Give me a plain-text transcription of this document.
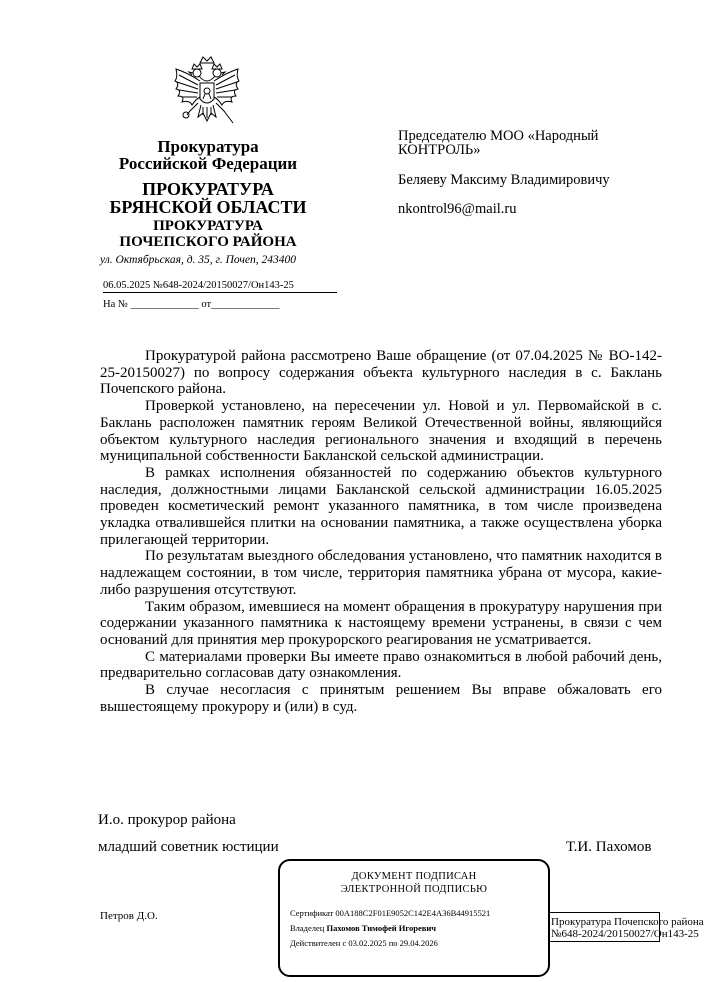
Прокуратура
Российской Федерации
ПРОКУРАТУРА
БРЯНСКОЙ ОБЛАСТИ
ПРОКУРАТУРА
ПОЧЕПСКОГО РАЙОНА
ул. Октябрьская, д. 35, г. Почеп, 243400
06.05.2025 №648-2024/20150027/Он143-25
На № _____________ от_____________
Председателю МОО «Народный КОНТРОЛЬ»
Беляеву Максиму Владимировичу
nkontrol96@mail.ru

Прокуратурой района рассмотрено Ваше обращение (от 07.04.2025 № ВО-142-25-20150027) по вопросу содержания объекта культурного наследия в с. Баклань Почепского района.

Проверкой установлено, на пересечении ул. Новой и ул. Первомайской в с. Баклань расположен памятник героям Великой Отечественной войны, являющийся объектом культурного наследия регионального значения и входящий в перечень муниципальной собственности Бакланской сельской администрации.

В рамках исполнения обязанностей по содержанию объектов культурного наследия, должностными лицами Бакланской сельской администрации 16.05.2025 проведен косметический ремонт указанного памятника, в том числе произведена укладка отвалившейся плитки на основании памятника, а также осуществлена уборка прилегающей территории.

По результатам выездного обследования установлено, что памятник находится в надлежащем состоянии, в том числе, территория памятника убрана от мусора, какие-либо разрушения отсутствуют.

Таким образом, имевшиеся на момент обращения в прокуратуру нарушения при содержании указанного памятника к настоящему времени устранены, в связи с чем оснований для принятия мер прокурорского реагирования не усматривается.

С материалами проверки Вы имеете право ознакомиться в любой рабочий день, предварительно согласовав дату ознакомления.

В случае несогласия с принятым решением Вы вправе обжаловать его вышестоящему прокурору и (или) в суд.

И.о. прокурор района
младший советник юстиции	Т.И. Пахомов
Петров Д.О.	Прокуратура Почепского района
№648-2024/20150027/Он143-25
ДОКУМЕНТ ПОДПИСАН
ЭЛЕКТРОННОЙ ПОДПИСЬЮ
Сертификат 00A188C2F01E9052C142E4A36B44915521
Владелец Пахомов Тимофей Игоревич
Действителен с 03.02.2025 по 29.04.2026
